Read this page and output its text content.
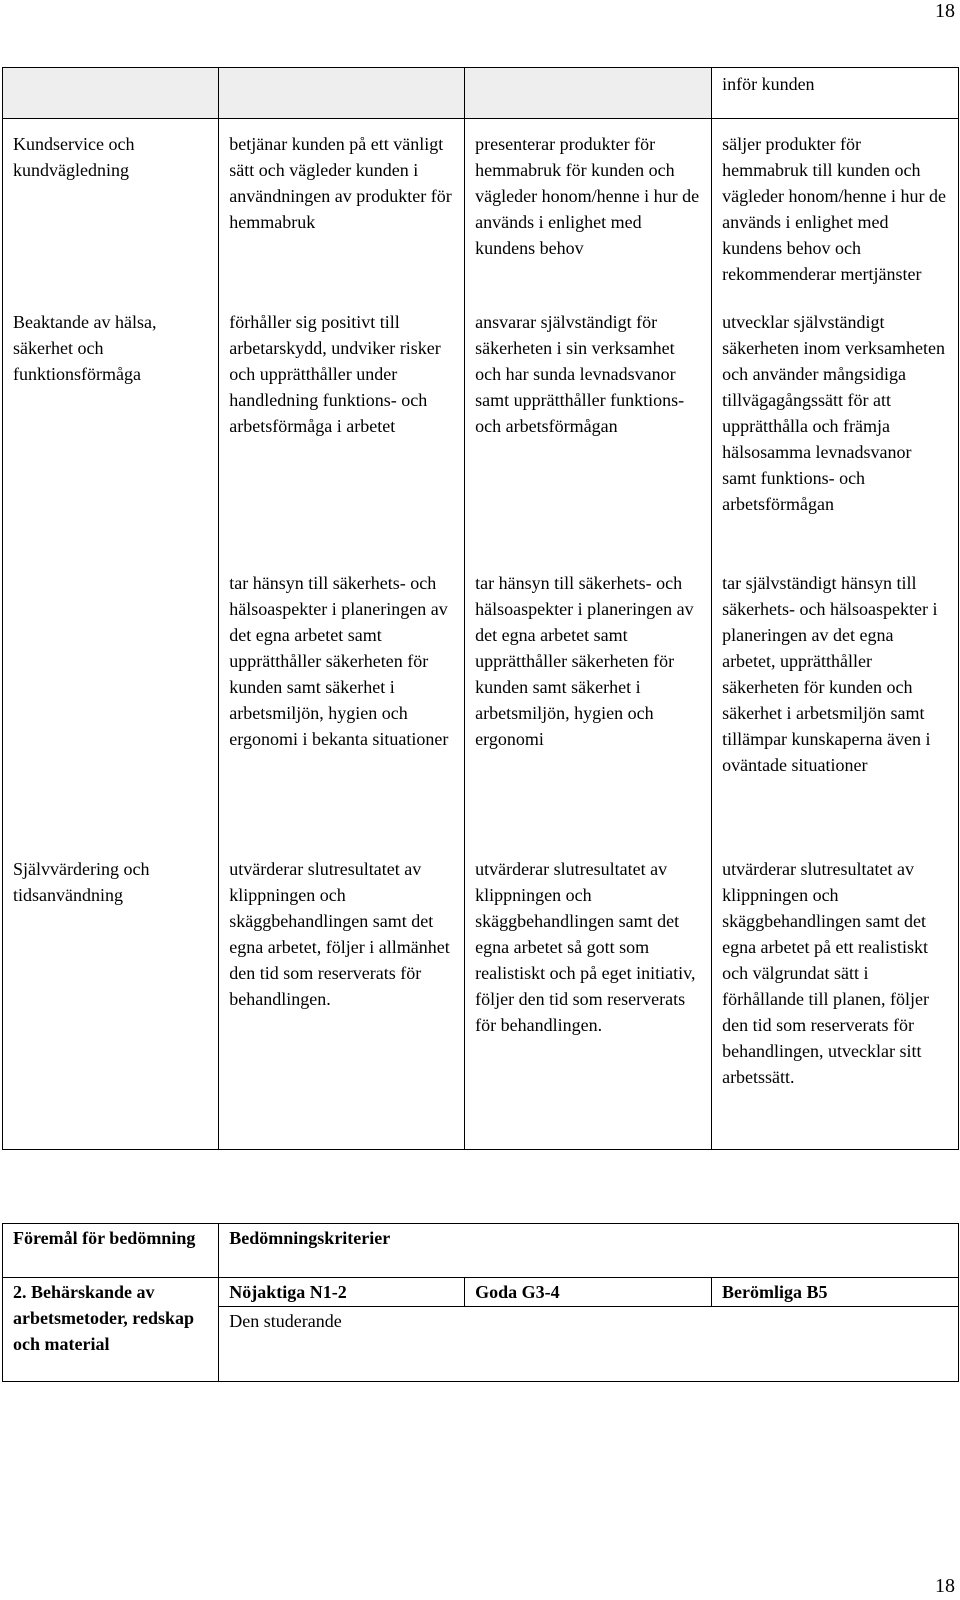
18
			inför kunden
Kundservice och kundvägledning	betjänar kunden på ett vänligt sätt och vägleder kunden i användningen av produkter för hemmabruk	presenterar produkter för hemmabruk för kunden och vägleder honom/henne i hur de används i enlighet med kundens behov	säljer produkter för hemmabruk till kunden och vägleder honom/henne i hur de används i enlighet med kundens behov och rekommenderar mertjänster
Beaktande av hälsa, säkerhet och funktionsförmåga	förhåller sig positivt till arbetarskydd, undviker risker och upprätthåller under handledning funktions- och arbetsförmåga i arbetet	ansvarar självständigt för säkerheten i sin verksamhet och har sunda levnadsvanor samt upprätthåller funktions- och arbetsförmågan	utvecklar självständigt säkerheten inom verksamheten och använder mångsidiga tillvägagångssätt för att upprätthålla och främja hälsosamma levnadsvanor samt funktions- och arbetsförmågan
	tar hänsyn till säkerhets- och hälsoaspekter i planeringen av det egna arbetet samt upprätthåller säkerheten för kunden samt säkerhet i arbetsmiljön, hygien och ergonomi i bekanta situationer	tar hänsyn till säkerhets- och hälsoaspekter i planeringen av det egna arbetet samt upprätthåller säkerheten för kunden samt säkerhet i arbetsmiljön, hygien och ergonomi	tar självständigt hänsyn till säkerhets- och hälsoaspekter i planeringen av det egna arbetet, upprätthåller säkerheten för kunden och säkerhet i arbetsmiljön samt tillämpar kunskaperna även i oväntade situationer
Självvärdering och tidsanvändning	utvärderar slutresultatet av klippningen och skäggbehandlingen samt det egna arbetet, följer i allmänhet den tid som reserverats för behandlingen.	utvärderar slutresultatet av klippningen och skäggbehandlingen samt det egna arbetet så gott som realistiskt och på eget initiativ, följer den tid som reserverats för behandlingen.	utvärderar slutresultatet av klippningen och skäggbehandlingen samt det egna arbetet på ett realistiskt och välgrundat sätt i förhållande till planen, följer den tid som reserverats för behandlingen, utvecklar sitt arbetssätt.
Föremål för bedömning	Bedömningskriterier		
2. Behärskande av arbetsmetoder, redskap och material	Nöjaktiga N1-2	Goda G3-4	Berömliga B5
	Den studerande		
18
